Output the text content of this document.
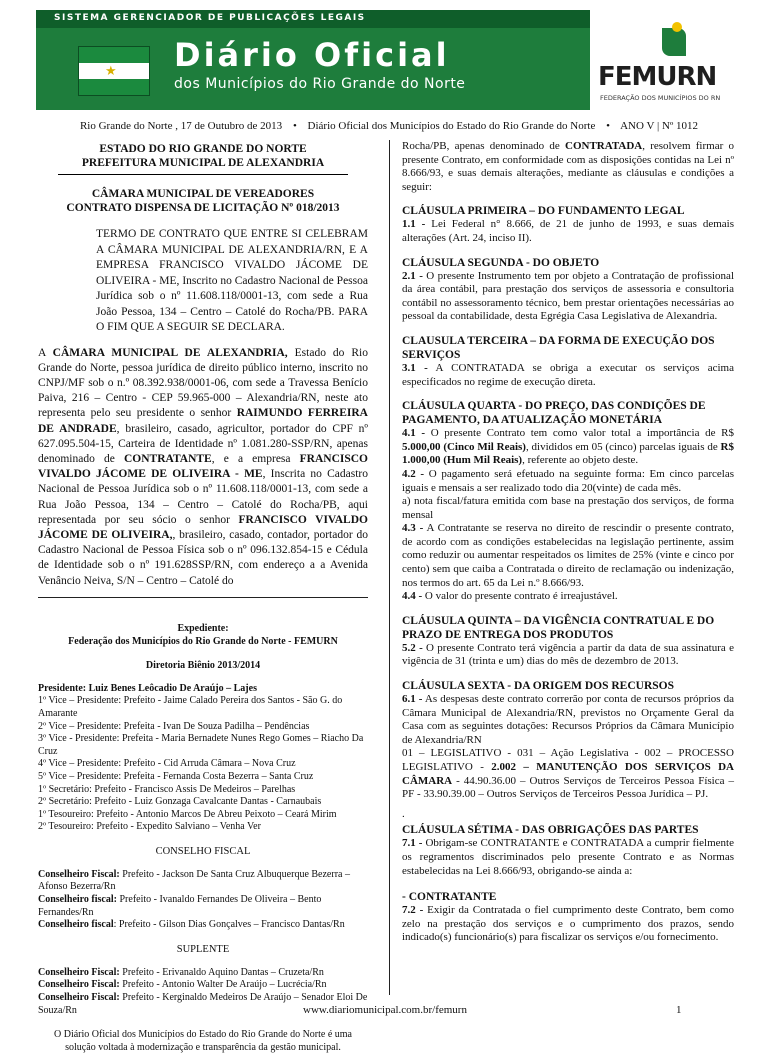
SISTEMA GERENCIADOR DE PUBLICAÇÕES LEGAIS
★ Diário Oficial
dos Municípios do Rio Grande do Norte	FEMURN
FEDERAÇÃO DOS MUNICÍPIOS DO RN
Rio Grande do Norte , 17 de Outubro de 2013 • Diário Oficial dos Municípios do Estado do Rio Grande do Norte • ANO V | Nº 1012
ESTADO DO RIO GRANDE DO NORTE
PREFEITURA MUNICIPAL DE ALEXANDRIA
CÂMARA MUNICIPAL DE VEREADORES
CONTRATO DISPENSA DE LICITAÇÃO Nº 018/2013

TERMO DE CONTRATO QUE ENTRE SI CELEBRAM A CÂMARA MUNICIPAL DE ALEXANDRIA/RN, E A EMPRESA FRANCISCO VIVALDO JÁCOME DE OLIVEIRA - ME, Inscrito no Cadastro Nacional de Pessoa Jurídica sob o nº 11.608.118/0001-13, com sede a Rua João Pessoa, 134 – Centro – Catolé do Rocha/PB. PARA O FIM QUE A SEGUIR SE DECLARA.

A CÂMARA MUNICIPAL DE ALEXANDRIA, Estado do Rio Grande do Norte, pessoa jurídica de direito público interno, inscrito no CNPJ/MF sob o n.º 08.392.938/0001-06, com sede a Travessa Benício Paiva, 216 – Centro - CEP 59.965-000 – Alexandria/RN, neste ato representa pelo seu presidente o senhor RAIMUNDO FERREIRA DE ANDRADE, brasileiro, casado, agricultor, portador do CPF nº 627.095.504-15, Carteira de Identidade nº 1.081.280-SSP/RN, apenas denominado de CONTRATANTE, e a empresa FRANCISCO VIVALDO JÁCOME DE OLIVEIRA - ME, Inscrita no Cadastro Nacional de Pessoa Jurídica sob o nº 11.608.118/0001-13, com sede a Rua João Pessoa, 134 – Centro – Catolé do Rocha/PB, aqui representada por seu sócio o senhor FRANCISCO VIVALDO JÁCOME DE OLIVEIRA,, brasileiro, casado, contador, portador do Cadastro Nacional de Pessoa Física sob o nº 096.132.854-15 e Cédula de Identidade sob o nº 191.628SSP/RN, com endereço a a Avenida Venâncio Neiva, S/N – Centro – Catolé do

Expediente:
Federação dos Municípios do Rio Grande do Norte - FEMURN
Diretoria Biênio 2013/2014
Presidente: Luiz Benes Leôcadio De Araújo – Lajes
1º Vice – Presidente: Prefeito - Jaime Calado Pereira dos Santos - São G. do Amarante
2º Vice – Presidente: Prefeita - Ivan De Souza Padilha – Pendências
3º Vice - Presidente: Prefeita - Maria Bernadete Nunes Rego Gomes – Riacho Da Cruz
4º Vice – Presidente: Prefeito - Cid Arruda Câmara – Nova Cruz
5º Vice – Presidente: Prefeita - Fernanda Costa Bezerra – Santa Cruz
1º Secretário: Prefeito - Francisco Assis De Medeiros – Parelhas
2º Secretário: Prefeito - Luiz Gonzaga Cavalcante Dantas - Carnaubais
1º Tesoureiro: Prefeito - Antonio Marcos De Abreu Peixoto – Ceará Mirim
2º Tesoureiro: Prefeito - Expedito Salviano – Venha Ver
CONSELHO FISCAL
Conselheiro Fiscal: Prefeito - Jackson De Santa Cruz Albuquerque Bezerra – Afonso Bezerra/Rn
Conselheiro fiscal: Prefeito - Ivanaldo Fernandes De Oliveira – Bento Fernandes/Rn
Conselheiro fiscal: Prefeito - Gilson Dias Gonçalves – Francisco Dantas/Rn
SUPLENTE
Conselheiro Fiscal: Prefeito - Erivanaldo Aquino Dantas – Cruzeta/Rn
Conselheiro Fiscal: Prefeito - Antonio Walter De Araújo – Lucrécia/Rn
Conselheiro Fiscal: Prefeito - Kerginaldo Medeiros De Araújo – Senador Eloi De Souza/Rn
O Diário Oficial dos Municípios do Estado do Rio Grande do Norte é uma solução voltada à modernização e transparência da gestão municipal.

Rocha/PB, apenas denominado de CONTRATADA, resolvem firmar o presente Contrato, em conformidade com as disposições contidas na Lei nº 8.666/93, e suas demais alterações, mediante as cláusulas e condições a seguir:

CLÁUSULA PRIMEIRA – DO FUNDAMENTO LEGAL

1.1 - Lei Federal n° 8.666, de 21 de junho de 1993, e suas demais alterações (Art. 24, inciso II).

CLÁUSULA SEGUNDA - DO OBJETO

2.1 - O presente Instrumento tem por objeto a Contratação de profissional da área contábil, para prestação dos serviços de assessoria e consultoria contábil no assessoramento técnico, bem prestar orientações necessárias ao pessoal da contabilidade, desta Egrégia Casa Legislativa de Alexandria.

CLAUSULA TERCEIRA – DA FORMA DE EXECUÇÃO DOS SERVIÇOS

3.1 - A CONTRATADA se obriga a executar os serviços acima especificados no regime de execução direta.

CLÁUSULA QUARTA - DO PREÇO, DAS CONDIÇÕES DE PAGAMENTO, DA ATUALIZAÇÃO MONETÁRIA

4.1 - O presente Contrato tem como valor total a importância de R$ 5.000,00 (Cinco Mil Reais), divididos em 05 (cinco) parcelas iguais de R$ 1.000,00 (Hum Mil Reais), referente ao objeto deste.

4.2 - O pagamento será efetuado na seguinte forma: Em cinco parcelas iguais e mensais a ser realizado todo dia 20(vinte) de cada mês.

a) nota fiscal/fatura emitida com base na prestação dos serviços, de forma mensal

4.3 - A Contratante se reserva no direito de rescindir o presente contrato, de acordo com as condições estabelecidas na legislação pertinente, assim como reduzir ou aumentar respeitados os limites de 25% (vinte e cinco por cento) sem que caiba a Contratada o direito de reclamação ou indenização, nos termos do art. 65 da Lei n.º 8.666/93.

4.4 - O valor do presente contrato é irreajustável.

CLÁUSULA QUINTA – DA VIGÊNCIA CONTRATUAL E DO PRAZO DE ENTREGA DOS PRODUTOS

5.2 - O presente Contrato terá vigência a partir da data de sua assinatura e vigência de 31 (trinta e um) dias do mês de dezembro de 2013.

CLÁUSULA SEXTA - DA ORIGEM DOS RECURSOS

6.1 - As despesas deste contrato correrão por conta de recursos próprios da Câmara Municipal de Alexandria/RN, previstos no Orçamente Geral da Casa com as seguintes dotações: Recursos Próprios da Câmara Município de Alexandria/RN

01 – LEGISLATIVO - 031 – Ação Legislativa - 002 – PROCESSO LEGISLATIVO - 2.002 – MANUTENÇÃO DOS SERVIÇOS DA CÂMARA - 44.90.36.00 – Outros Serviços de Terceiros Pessoa Física – PF - 33.90.39.00 – Outros Serviços de Terceiros Pessoa Jurídica – PJ.

.

CLÁUSULA SÉTIMA - DAS OBRIGAÇÕES DAS PARTES

7.1 - Obrigam-se CONTRATANTE e CONTRATADA a cumprir fielmente os regramentos discriminados pelo presente Contrato e as Normas estabelecidas na Lei 8.666/93, obrigando-se ainda a:

- CONTRATANTE

7.2 - Exigir da Contratada o fiel cumprimento deste Contrato, bem como zelo na prestação dos serviços e o cumprimento dos prazos, sendo indicado(s) funcionário(s) para fiscalizar os serviços e/ou fornecimento.

www.diariomunicipal.com.br/femurn	1
